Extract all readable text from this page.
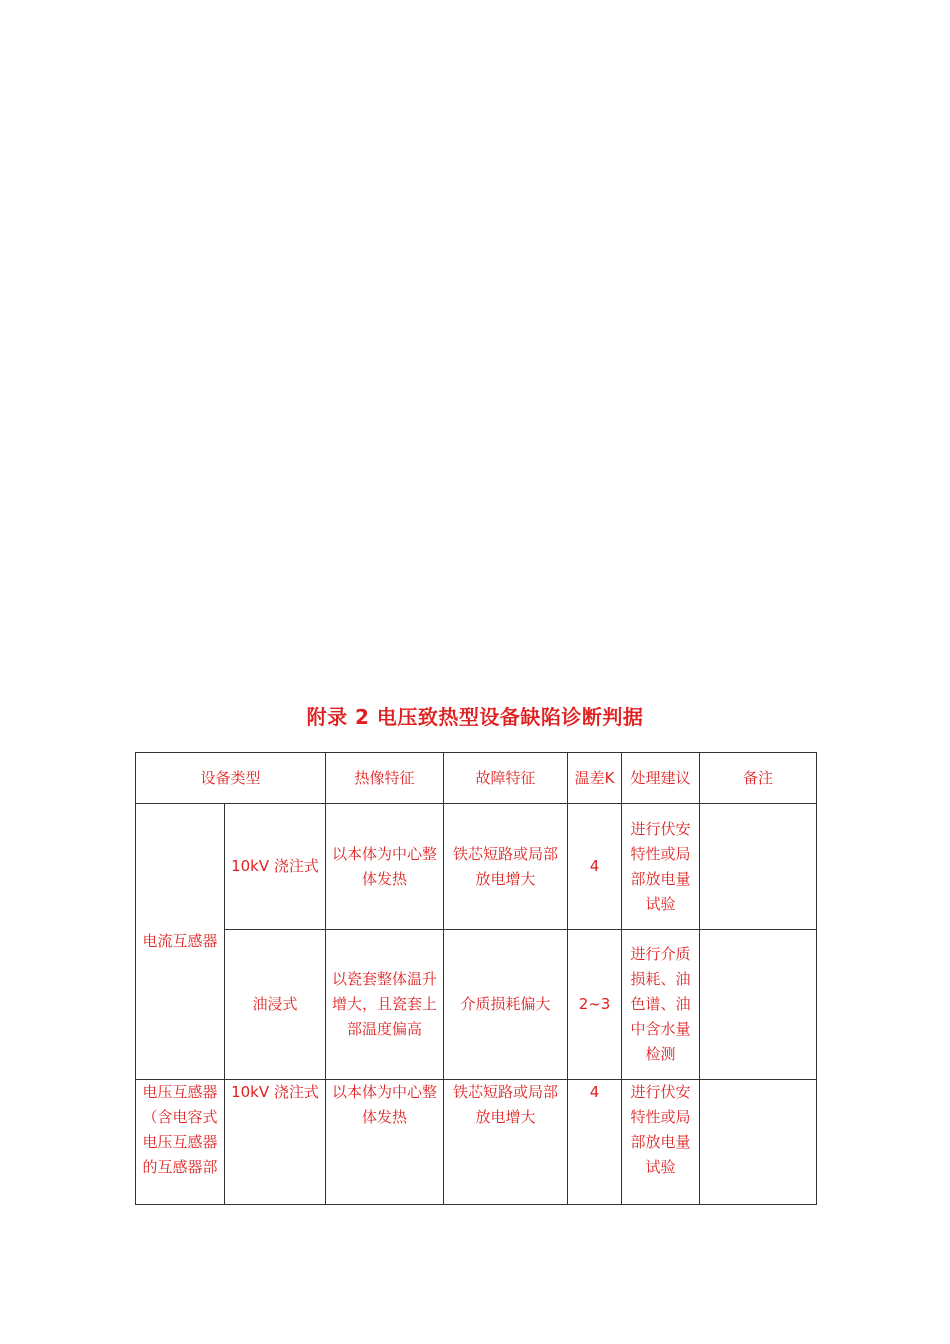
附录 2 电压致热型设备缺陷诊断判据
设备类型		热像特征	故障特征	温差K	处理建议	备注
电流互感器	10kV 浇注式	以本体为中心整体发热	铁芯短路或局部放电增大	4	进行伏安特性或局部放电量试验	
	油浸式	以瓷套整体温升增大，且瓷套上部温度偏高	介质损耗偏大	2~3	进行介质损耗、油色谱、油中含水量检测	
电压互感器（含电容式电压互感器的互感器部	10kV 浇注式	以本体为中心整体发热	铁芯短路或局部放电增大	4	进行伏安特性或局部放电量试验	
